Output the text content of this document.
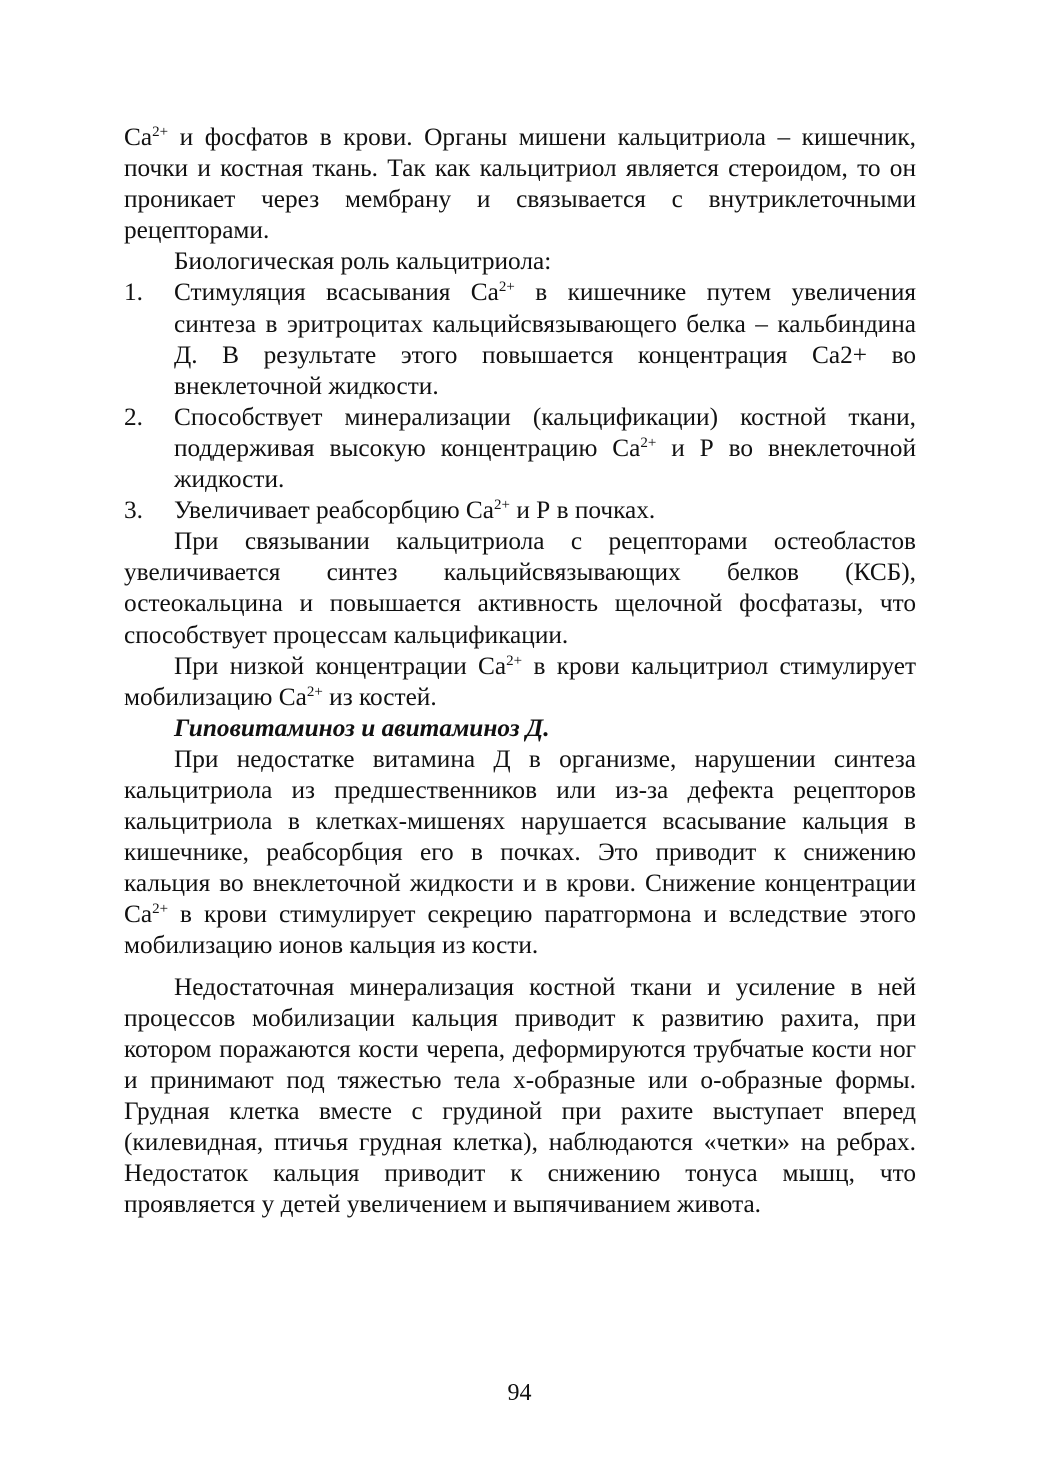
$Ca^{2+}$ и фосфатов в крови. Органы мишени кальцитриола – кишечник, почки и костная ткань. Так как кальцитриол является стероидом, то он проникает через мембрану и связывается с внутриклеточными рецепторами.

Биологическая роль кальцитриола:

1.	Стимуляция всасывания $Ca^{2+}$ в кишечнике путем увеличения синтеза в эритроцитах кальцийсвязывающего белка – кальбиндина Д. В результате этого повышается концентрация Ca2+ во внеклеточной жидкости.
2.	Способствует минерализации (кальцификации) костной ткани, поддерживая высокую концентрацию $Ca^{2+}$ и Р во внеклеточной жидкости.
3.	Увеличивает реабсорбцию $Ca^{2+}$ и Р в почках.

При связывании кальцитриола с рецепторами остеобластов увеличивается синтез кальцийсвязывающих белков (КСБ), остеокальцина и повышается активность щелочной фосфатазы, что способствует процессам кальцификации.

При низкой концентрации $Ca^{2+}$ в крови кальцитриол стимулирует мобилизацию $Ca^{2+}$ из костей.

Гиповитаминоз и авитаминоз Д.

При недостатке витамина Д в организме, нарушении синтеза кальцитриола из предшественников или из-за дефекта рецепторов кальцитриола в клетках-мишенях нарушается всасывание кальция в кишечнике, реабсорбция его в почках. Это приводит к снижению кальция во внеклеточной жидкости и в крови. Снижение концентрации $Ca^{2+}$ в крови стимулирует секрецию паратгормона и вследствие этого мобилизацию ионов кальция из кости.

Недостаточная минерализация костной ткани и усиление в ней процессов мобилизации кальция приводит к развитию рахита, при котором поражаются кости черепа, деформируются трубчатые кости ног и принимают под тяжестью тела х-образные или о-образные формы. Грудная клетка вместе с грудиной при рахите выступает вперед (килевидная, птичья грудная клетка), наблюдаются «четки» на ребрах. Недостаток кальция приводит к снижению тонуса мышц, что проявляется у детей увеличением и выпячиванием живота.

94
